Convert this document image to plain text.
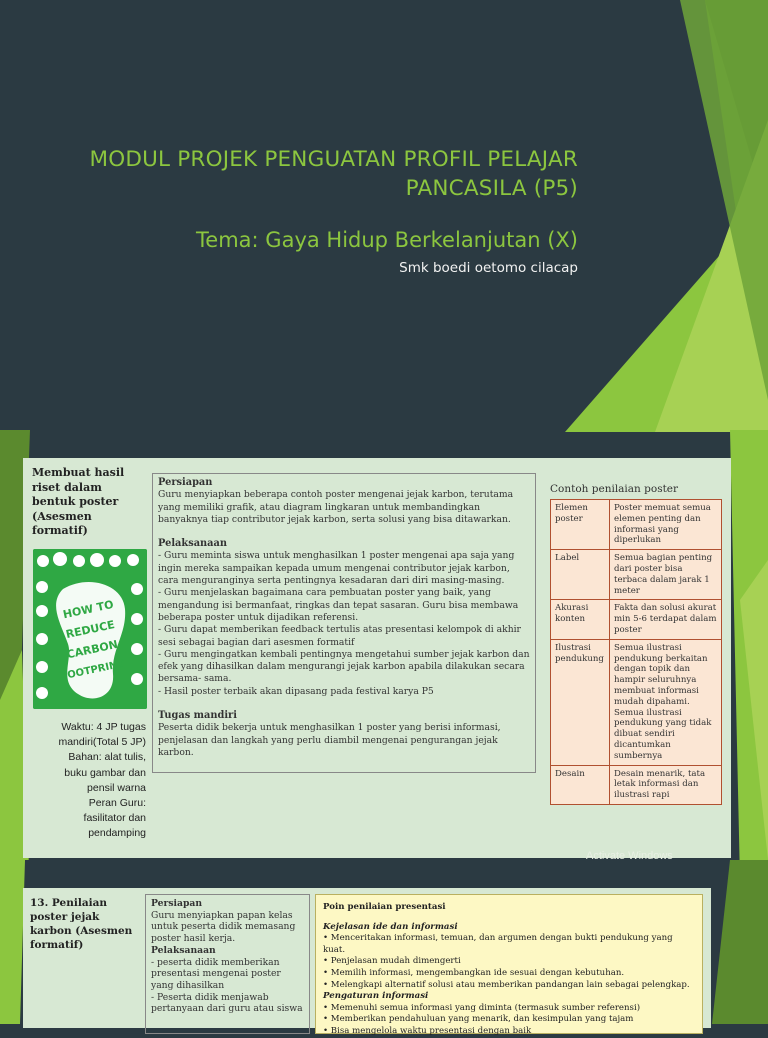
MODUL PROJEK PENGUATAN PROFIL PELAJAR
PANCASILA (P5)

Tema: Gaya Hidup Berkelanjutan (X)
Smk boedi oetomo cilacap
Membuat hasil riset dalam bentuk poster (Asesmen formatif)
HOW TO
REDUCE
CARBON
FOOTPRINT
Waktu: 4 JP tugas
mandiri(Total 5 JP)
Bahan: alat tulis,
buku gambar dan
pensil warna
Peran Guru:
fasilitator dan
pendamping

Persiapan

Guru menyiapkan beberapa contoh poster mengenai jejak karbon, terutama yang memiliki grafik, atau diagram lingkaran untuk membandingkan banyaknya tiap contributor jejak karbon, serta solusi yang bisa ditawarkan.

Pelaksanaan

- Guru meminta siswa untuk menghasilkan 1 poster mengenai apa saja yang ingin mereka sampaikan kepada umum mengenai contributor jejak karbon, cara menguranginya serta pentingnya kesadaran dari diri masing-masing.

- Guru menjelaskan bagaimana cara pembuatan poster yang baik, yang mengandung isi bermanfaat, ringkas dan tepat sasaran. Guru bisa membawa beberapa poster untuk dijadikan referensi.

- Guru dapat memberikan feedback tertulis atas presentasi kelompok di akhir sesi sebagai bagian dari asesmen formatif

- Guru mengingatkan kembali pentingnya mengetahui sumber jejak karbon dan efek yang dihasilkan dalam mengurangi jejak karbon apabila dilakukan secara bersama- sama.

- Hasil poster terbaik akan dipasang pada festival karya P5

Tugas mandiri

Peserta didik bekerja untuk menghasilkan 1 poster yang berisi informasi, penjelasan dan langkah yang perlu diambil mengenai pengurangan jejak karbon.

Contoh penilaian poster
Elemen poster	Poster memuat semua elemen penting dan informasi yang diperlukan
Label	Semua bagian penting dari poster bisa terbaca dalam jarak 1 meter
Akurasi konten	Fakta dan solusi akurat min 5-6 terdapat dalam poster
Ilustrasi pendukung	Semua ilustrasi pendukung berkaitan dengan topik dan hampir seluruhnya membuat informasi mudah dipahami. Semua ilustrasi pendukung yang tidak dibuat sendiri dicantumkan sumbernya
Desain	Desain menarik, tata letak informasi dan ilustrasi rapi
Activate Windows
13. Penilaian poster jejak karbon (Asesmen formatif)

Persiapan

Guru menyiapkan papan kelas untuk peserta didik memasang poster hasil kerja.

Pelaksanaan

- peserta didik memberikan presentasi mengenai poster yang dihasilkan

- Peserta didik menjawab pertanyaan dari guru atau siswa

Poin penilaian presentasi

Kejelasan ide dan informasi

• Menceritakan informasi, temuan, dan argumen dengan bukti pendukung yang kuat.

• Penjelasan mudah dimengerti

• Memilih informasi, mengembangkan ide sesuai dengan kebutuhan.

• Melengkapi alternatif solusi atau memberikan pandangan lain sebagai pelengkap.

Pengaturan informasi

• Memenuhi semua informasi yang diminta (termasuk sumber referensi)

• Memberikan pendahuluan yang menarik, dan kesimpulan yang tajam

• Bisa mengelola waktu presentasi dengan baik
